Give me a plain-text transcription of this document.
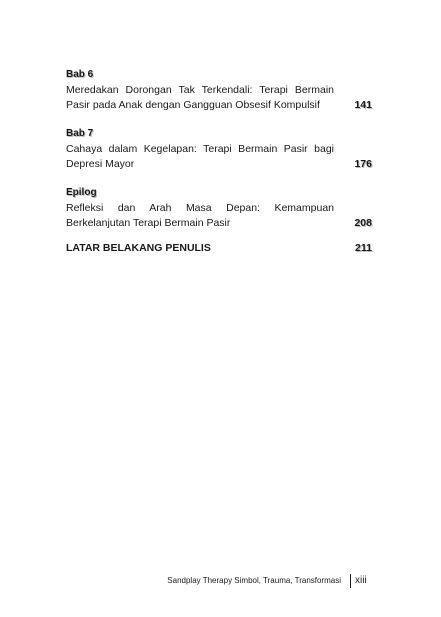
Bab 6
Meredakan Dorongan Tak Terkendali: Terapi Bermain Pasir pada Anak dengan Gangguan Obsesif Kompulsif	141
Bab 7
Cahaya dalam Kegelapan: Terapi Bermain Pasir bagi Depresi Mayor	176
Epilog
Refleksi dan Arah Masa Depan: Kemampuan Berkelanjutan Terapi Bermain Pasir	208
LATAR BELAKANG PENULIS	211
Sandplay Therapy Simbol, Trauma, Transformasi xiii
